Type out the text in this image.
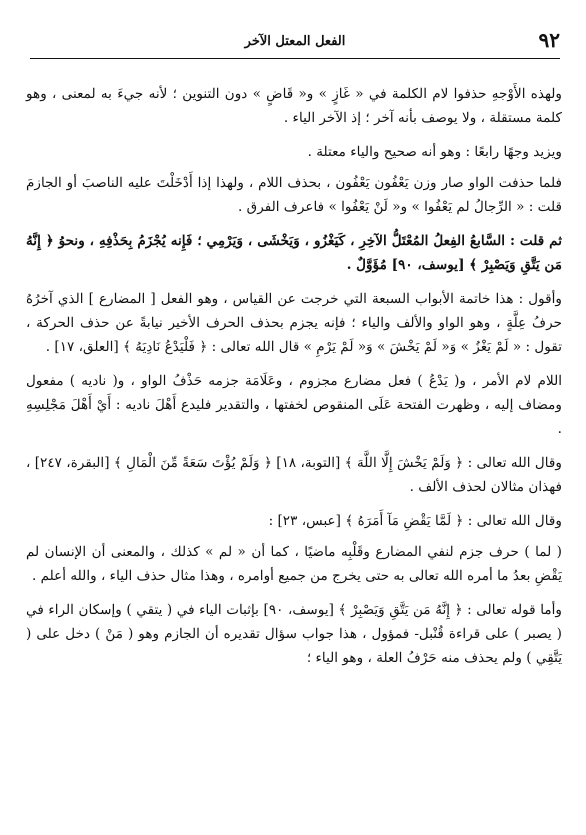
٩٢
الفعل المعتل الآخر

ولهذه الأَوْجهِ حذفوا لام الكلمة في « غَازٍ » و« قَاضٍ » دون التنوين ؛ لأنه جيءَ به لمعنى ، وهو كلمة مستقلة ، ولا يوصف بأنه آخر ؛ إذ الآخر الياء .

ويزيد وجهًا رابعًا : وهو أنه صحيح والياء معتلة .

فلما حذفت الواو صار وزن يَعْفُون يَعْفُون ، بحذف اللام ، ولهذا إذا أَدْخَلْتَ عليه الناصبَ أو الجازمَ قلت : « الرِّجالُ لم يَعْفُوا » و« لَنْ يَعْفُوا » فاعرف الفرق .

ثم قلت : السَّابعُ الفِعلُ المُعْتَلُّ الآخِرِ ، كَيَغْزُو ، وَيَخْشَى ، وَيَرْمِي ؛ فَإِنه يُجْزَمُ بِحَذْفِهِ ، ونحوُ ﴿ إِنَّهُ مَن يَتَّقِ وَيَصْبِرْ ﴾ [يوسف، ٩٠] مُؤَوَّلٌ .

وأقول : هذا خاتمة الأبواب السبعة التي خرجت عن القياس ، وهو الفعل [ المضارع ] الذي آخرُهُ حرفُ عِلَّةٍ ، وهو الواو والألف والياء ؛ فإنه يجزم بحذف الحرف الأخير نيابةً عن حذف الحركة ، تقول : « لَمْ يَغْزُ » وَ« لَمْ يَخْشَ » وَ« لَمْ يَرْمِ » قال الله تعالى : ﴿ فَلْيَدْعُ نَادِيَهُ ﴾ [العلق، ١٧] .

اللام لام الأمر ، و( يَدْعُ ) فعل مضارع مجزوم ، وعَلَامَة جزمه حَذْفُ الواو ، و( ناديه ) مفعول ومضاف إليه ، وظهرت الفتحة عَلَى المنقوص لخفتها ، والتقدير فليدع أَهْلَ ناديه : أَيْ أَهْلَ مَجْلِسِهِ .

وقال الله تعالى : ﴿ وَلَمْ يَخْشَ إِلَّا اللَّهَ ﴾ [التوبة، ١٨] ﴿ وَلَمْ يُؤْتَ سَعَةً مِّنَ الْمَالِ ﴾ [البقرة، ٢٤٧] ، فهذان مثالان لحذف الألف .

وقال الله تعالى : ﴿ لَمَّا يَقْضِ مَآ أَمَرَهُ ﴾ [عبس، ٢٣] :

( لما ) حرف جزم لنفي المضارع وقَلْبِه ماضيًا ، كما أن « لم » كذلك ، والمعنى أن الإنسان لم يَقْضِ بعدُ ما أمره الله تعالى به حتى يخرج من جميع أوامره ، وهذا مثال حذف الياء ، والله أعلم .

وأما قوله تعالى : ﴿ إِنَّهُ مَن يَتَّقِ وَيَصْبِرْ ﴾ [يوسف، ٩٠] بإثبات الياء في ( يتقي ) وإسكان الراء في ( يصبر ) على قراءة قُنْبل- فمؤول ، هذا جواب سؤال تقديره أن الجازم وهو ( مَنْ ) دخل على ( يَتَّقِي ) ولم يحذف منه حَرْفُ العلة ، وهو الياء ؛
